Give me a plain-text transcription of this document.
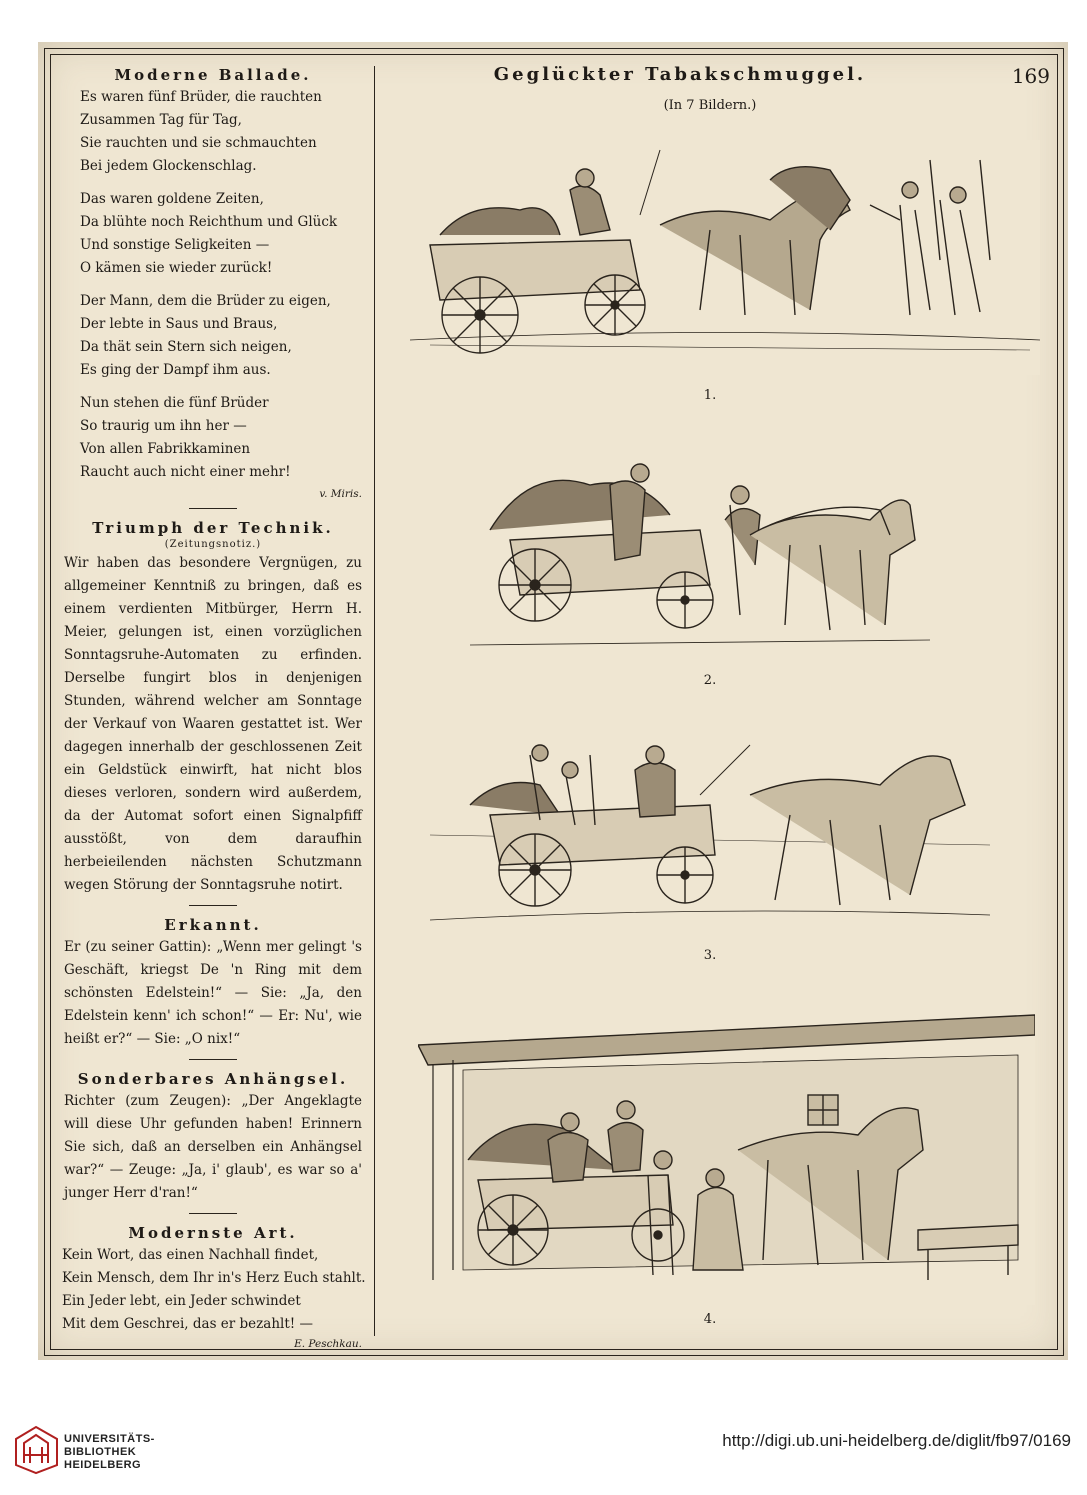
Moderne Ballade.
Es waren fünf Brüder, die rauchten
Zusammen Tag für Tag,
Sie rauchten und sie schmauchten
Bei jedem Glockenschlag.
Das waren goldene Zeiten,
Da blühte noch Reichthum und Glück
Und sonstige Seligkeiten —
O kämen sie wieder zurück!
Der Mann, dem die Brüder zu eigen,
Der lebte in Saus und Braus,
Da thät sein Stern sich neigen,
Es ging der Dampf ihm aus.
Nun stehen die fünf Brüder
So traurig um ihn her —
Von allen Fabrikkaminen
Raucht auch nicht einer mehr!
v. Miris.
Triumph der Technik.
(Zeitungsnotiz.)

Wir haben das besondere Vergnügen, zu allgemeiner Kenntniß zu bringen, daß es einem verdienten Mitbürger, Herrn H. Meier, gelungen ist, einen vorzüglichen Sonntagsruhe-Automaten zu erfinden. Derselbe fungirt blos in denjenigen Stunden, während welcher am Sonntage der Verkauf von Waaren gestattet ist. Wer dagegen innerhalb der geschlossenen Zeit ein Geldstück einwirft, hat nicht blos dieses verloren, sondern wird außerdem, da der Automat sofort einen Signalpfiff ausstößt, von dem daraufhin herbeieilenden nächsten Schutzmann wegen Störung der Sonntagsruhe notirt.

Erkannt.

Er (zu seiner Gattin): „Wenn mer gelingt 's Geschäft, kriegst De 'n Ring mit dem schönsten Edelstein!“ — Sie: „Ja, den Edelstein kenn' ich schon!“ — Er: Nu', wie heißt er?“ — Sie: „O nix!“

Sonderbares Anhängsel.

Richter (zum Zeugen): „Der Angeklagte will diese Uhr gefunden haben! Erinnern Sie sich, daß an derselben ein Anhängsel war?“ — Zeuge: „Ja, i' glaub', es war so a' junger Herr d'ran!“

Modernste Art.
Kein Wort, das einen Nachhall findet,
Kein Mensch, dem Ihr in's Herz Euch stahlt.
Ein Jeder lebt, ein Jeder schwindet
Mit dem Geschrei, das er bezahlt! —
E. Peschkau.
Geglückter Tabakschmuggel.	169
(In 7 Bildern.)
1.
2.
3.
4.
UNIVERSITÄTS-
BIBLIOTHEK
HEIDELBERG
http://digi.ub.uni-heidelberg.de/diglit/fb97/0169
